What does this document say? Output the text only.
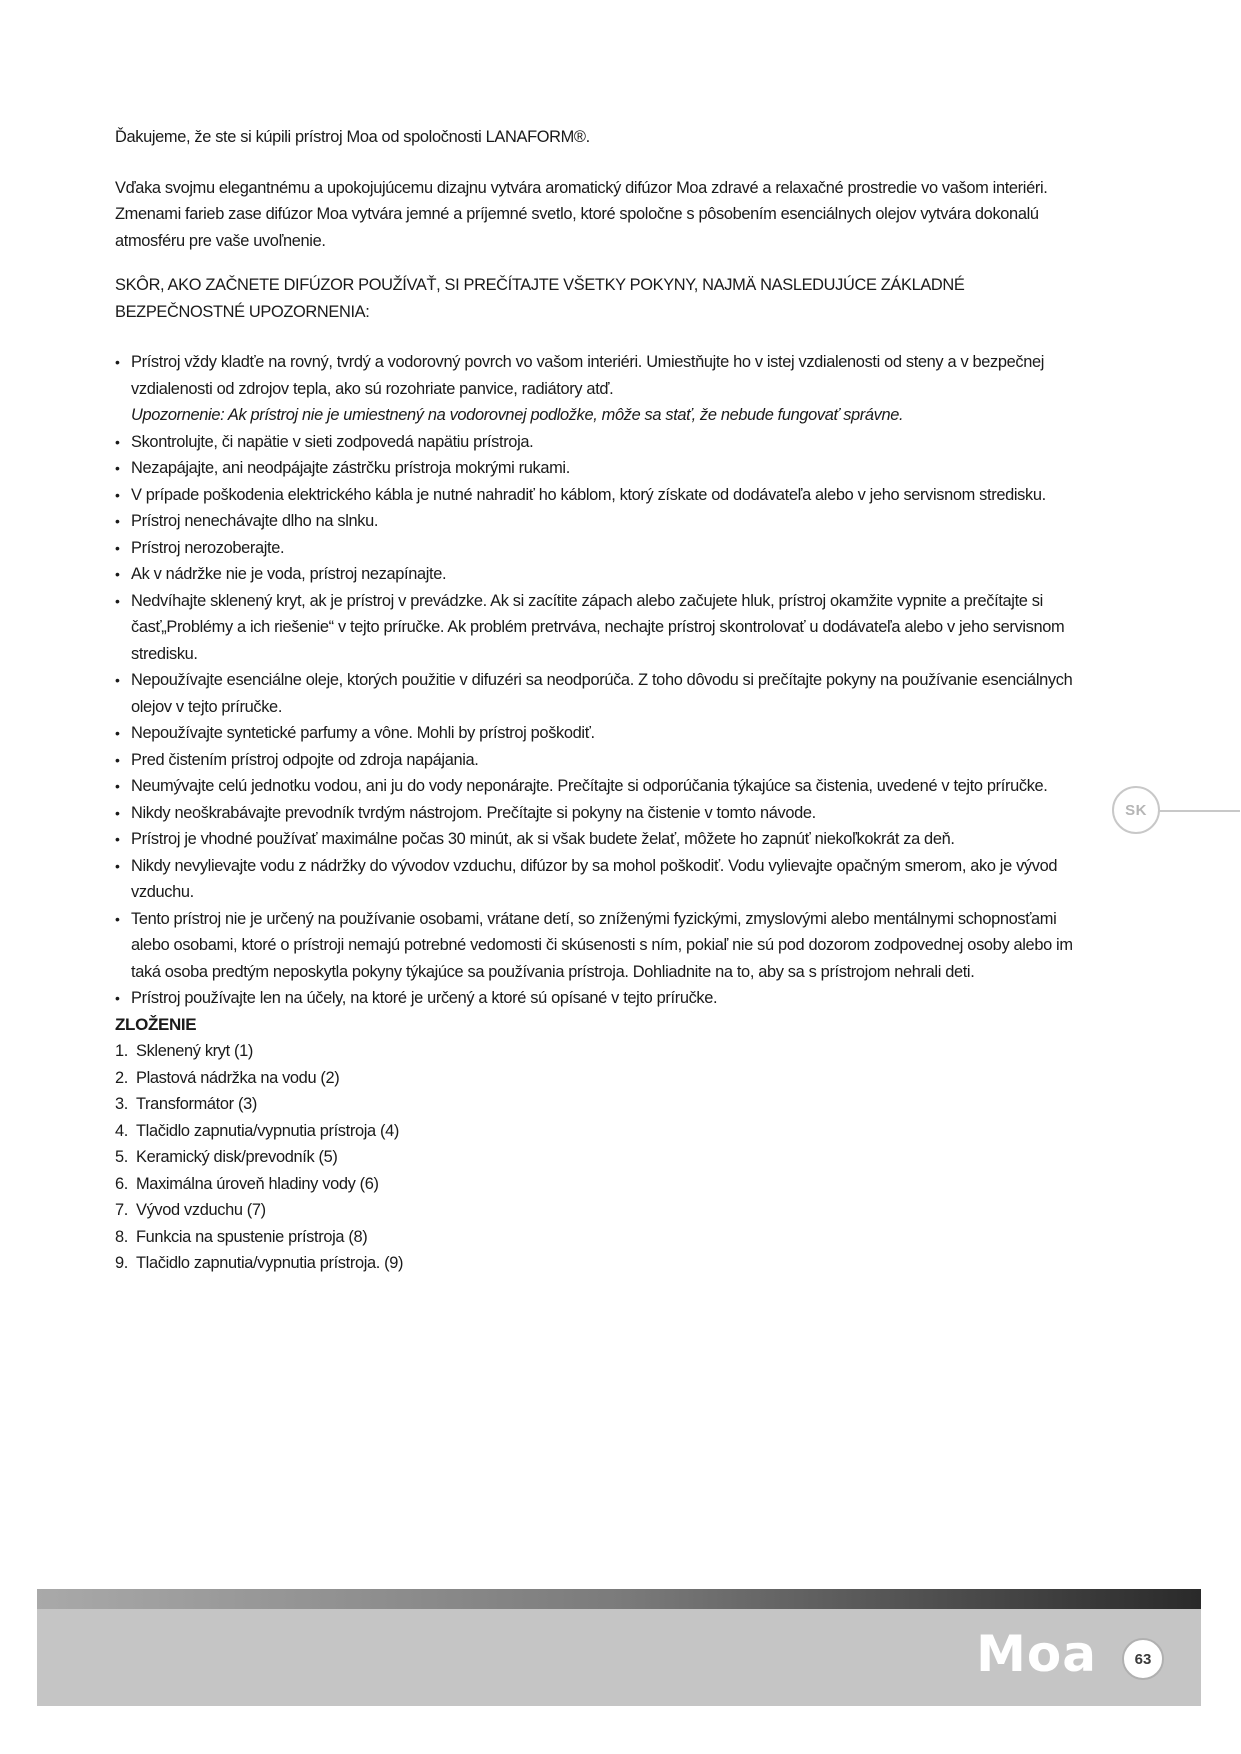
Ďakujeme, že ste si kúpili prístroj Moa od spoločnosti LANAFORM®.

Vďaka svojmu elegantnému a upokojujúcemu dizajnu vytvára aromatický difúzor Moa zdravé a relaxačné prostredie vo vašom interiéri. Zmenami farieb zase difúzor Moa vytvára jemné a príjemné svetlo, ktoré spoločne s pôsobením esenciálnych olejov vytvára dokonalú atmosféru pre vaše uvoľnenie.

SKÔR, AKO ZAČNETE DIFÚZOR POUŽÍVAŤ, SI PREČÍTAJTE VŠETKY POKYNY, NAJMÄ NASLEDUJÚCE ZÁKLADNÉ BEZPEČNOSTNÉ UPOZORNENIA:

• Prístroj vždy kladťe na rovný, tvrdý a vodorovný povrch vo vašom interiéri. Umiestňujte ho v istej vzdialenosti od steny a v bezpečnej vzdialenosti od zdrojov tepla, ako sú rozohriate panvice, radiátory atď.
Upozornenie: Ak prístroj nie je umiestnený na vodorovnej podložke, môže sa stať, že nebude fungovať správne.
• Skontrolujte, či napätie v sieti zodpovedá napätiu prístroja.
• Nezapájajte, ani neodpájajte zástrčku prístroja mokrými rukami.
• V prípade poškodenia elektrického kábla je nutné nahradiť ho káblom, ktorý získate od dodávateľa alebo v jeho servisnom stredisku.
• Prístroj nenechávajte dlho na slnku.
• Prístroj nerozoberajte.
• Ak v nádržke nie je voda, prístroj nezapínajte.
• Nedvíhajte sklenený kryt, ak je prístroj v prevádzke. Ak si zacítite zápach alebo začujete hluk, prístroj okamžite vypnite a prečítajte si časť„Problémy a ich riešenie“ v tejto príručke. Ak problém pretrváva, nechajte prístroj skontrolovať u dodávateľa alebo v jeho servisnom stredisku.
• Nepoužívajte esenciálne oleje, ktorých použitie v difuzéri sa neodporúča. Z toho dôvodu si prečítajte pokyny na používanie esenciálnych olejov v tejto príručke.
• Nepoužívajte syntetické parfumy a vône. Mohli by prístroj poškodiť.
• Pred čistením prístroj odpojte od zdroja napájania.
• Neumývajte celú jednotku vodou, ani ju do vody neponárajte. Prečítajte si odporúčania týkajúce sa čistenia, uvedené v tejto príručke.
• Nikdy neoškrabávajte prevodník tvrdým nástrojom. Prečítajte si pokyny na čistenie v tomto návode.
• Prístroj je vhodné používať maximálne počas 30 minút, ak si však budete želať, môžete ho zapnúť niekoľkokrát za deň.
• Nikdy nevylievajte vodu z nádržky do vývodov vzduchu, difúzor by sa mohol poškodiť. Vodu vylievajte opačným smerom, ako je vývod vzduchu.
• Tento prístroj nie je určený na používanie osobami, vrátane detí, so zníženými fyzickými, zmyslovými alebo mentálnymi schopnosťami alebo osobami, ktoré o prístroji nemajú potrebné vedomosti či skúsenosti s ním, pokiaľ nie sú pod dozorom zodpovednej osoby alebo im taká osoba predtým neposkytla pokyny týkajúce sa používania prístroja. Dohliadnite na to, aby sa s prístrojom nehrali deti.
• Prístroj používajte len na účely, na ktoré je určený a ktoré sú opísané v tejto príručke.

ZLOŽENIE

1. Sklenený kryt (1)
2. Plastová nádržka na vodu (2)
3. Transformátor (3)
4. Tlačidlo zapnutia/vypnutia prístroja (4)
5. Keramický disk/prevodník (5)
6. Maximálna úroveň hladiny vody (6)
7. Vývod vzduchu (7)
8. Funkcia na spustenie prístroja (8)
9. Tlačidlo zapnutia/vypnutia prístroja. (9)
SK
Moa	63
